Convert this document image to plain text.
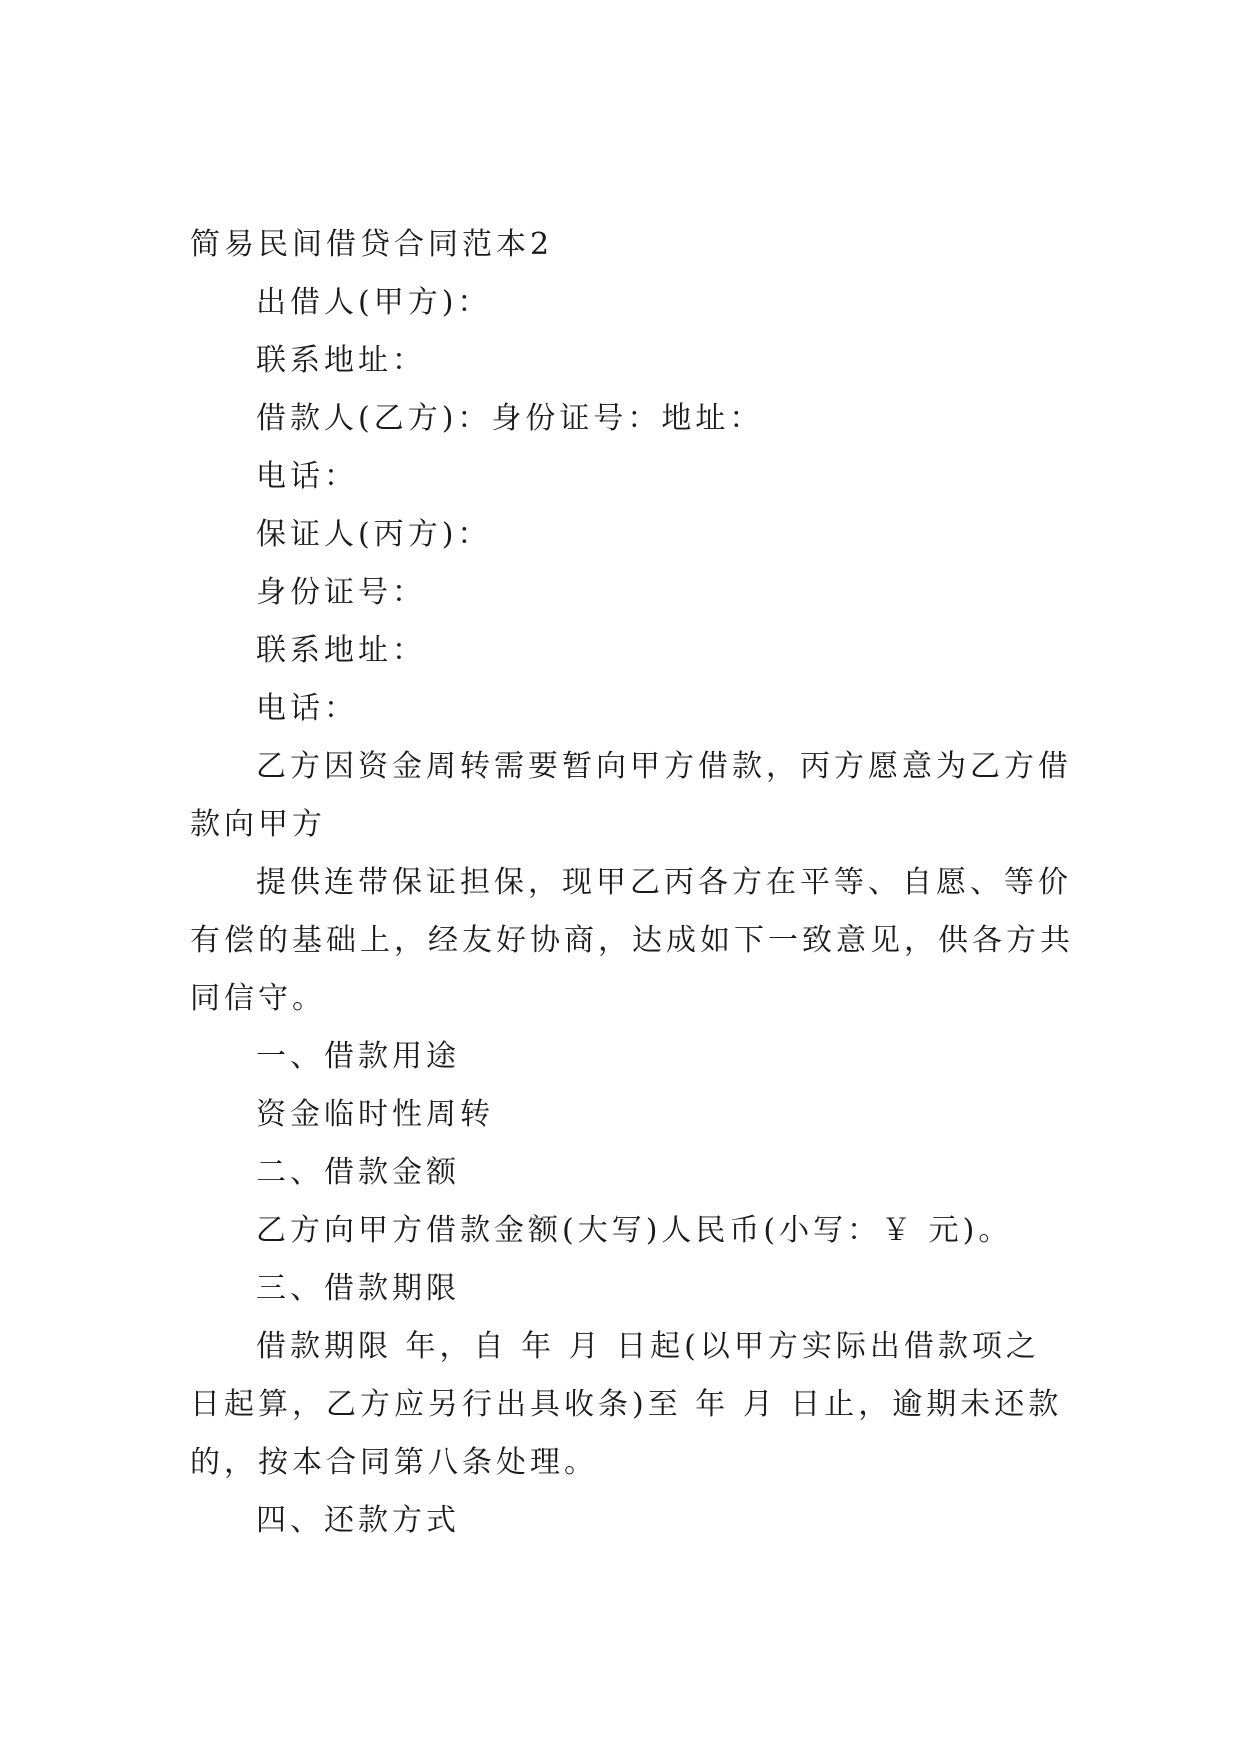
简易民间借贷合同范本2
出借人(甲方)：
联系地址：
借款人(乙方)：身份证号：地址：
电话：
保证人(丙方)：
身份证号：
联系地址：
电话：
乙方因资金周转需要暂向甲方借款，丙方愿意为乙方借
款向甲方
提供连带保证担保，现甲乙丙各方在平等、自愿、等价
有偿的基础上，经友好协商，达成如下一致意见，供各方共
同信守。
一、借款用途
资金临时性周转
二、借款金额
乙方向甲方借款金额(大写)人民币(小写：￥ 元)。
三、借款期限
借款期限 年，自 年 月 日起(以甲方实际出借款项之
日起算，乙方应另行出具收条)至 年 月 日止，逾期未还款
的，按本合同第八条处理。
四、还款方式
